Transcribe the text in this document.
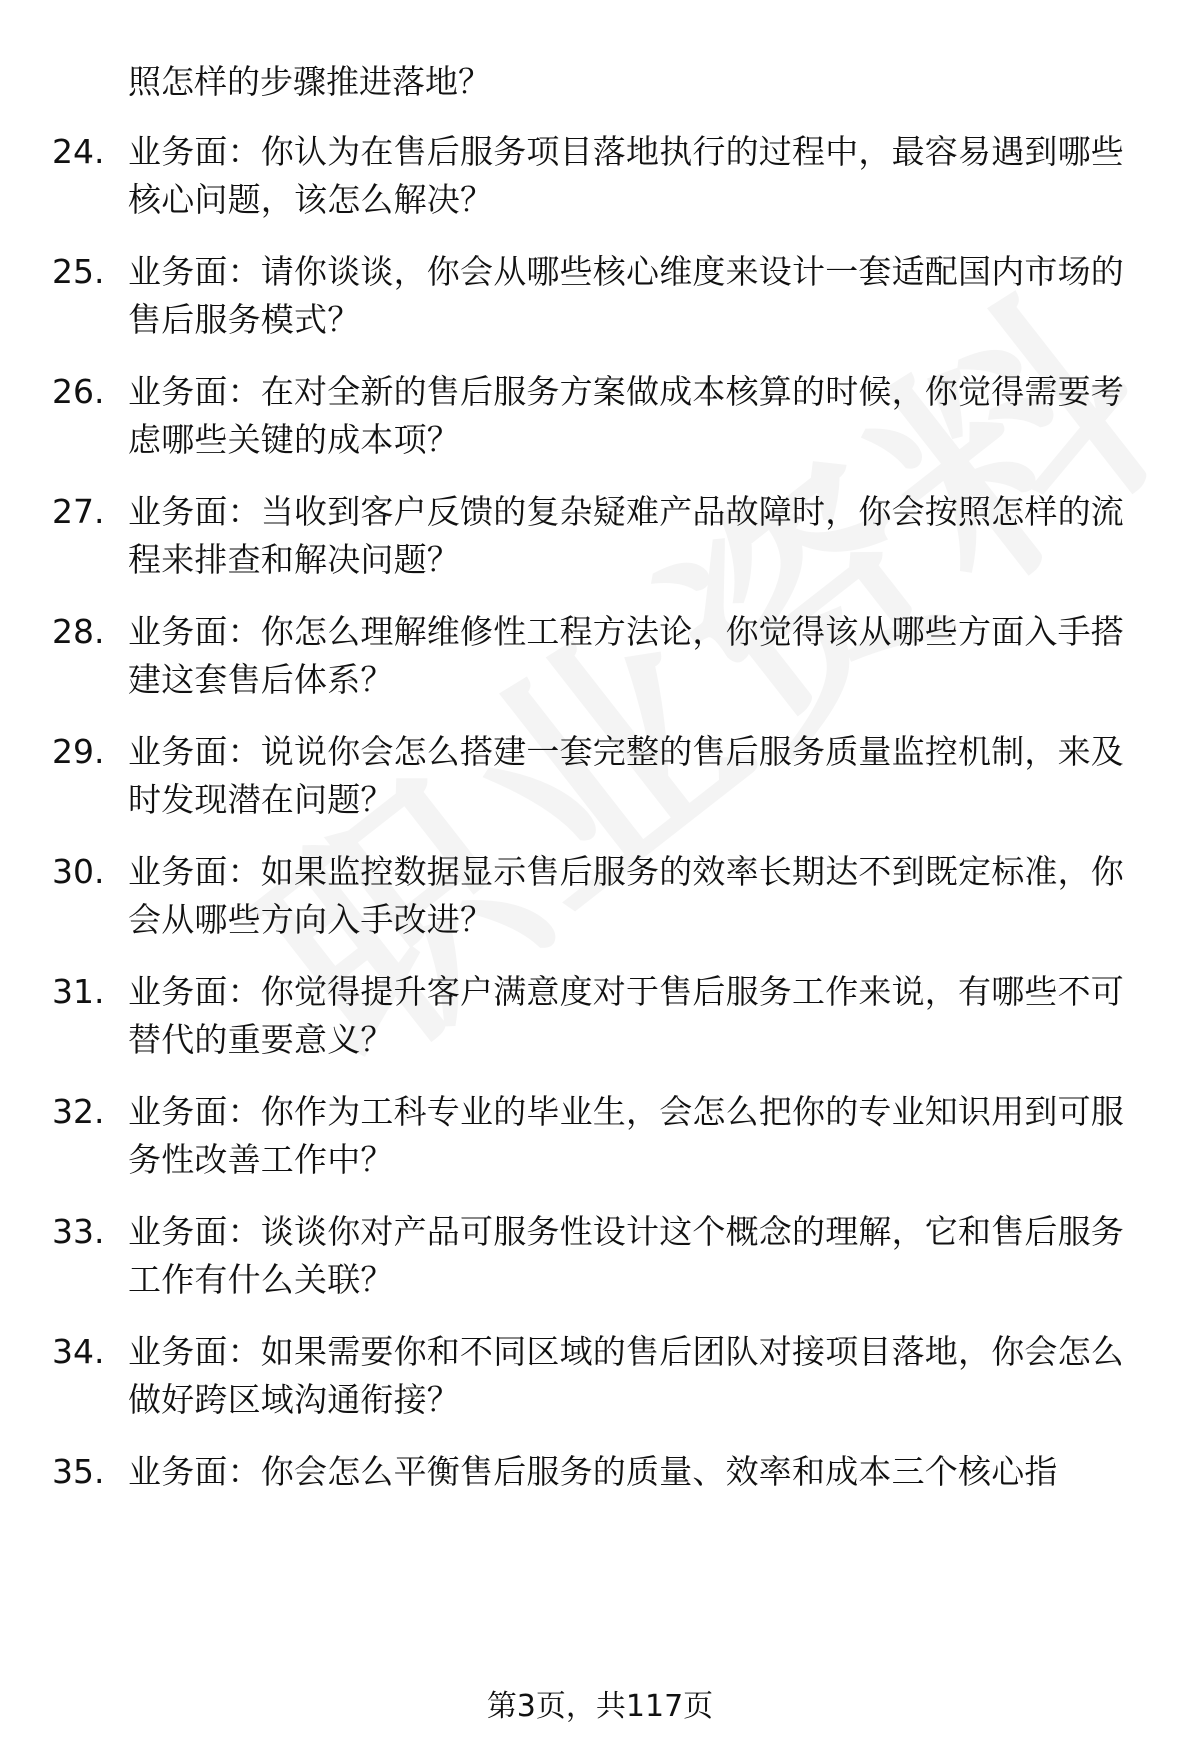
照怎样的步骤推进落地？
24. 业务面：你认为在售后服务项目落地执行的过程中，最容易遇到哪些核心问题，该怎么解决？
25. 业务面：请你谈谈，你会从哪些核心维度来设计一套适配国内市场的售后服务模式？
26. 业务面：在对全新的售后服务方案做成本核算的时候，你觉得需要考虑哪些关键的成本项？
27. 业务面：当收到客户反馈的复杂疑难产品故障时，你会按照怎样的流程来排查和解决问题？
28. 业务面：你怎么理解维修性工程方法论，你觉得该从哪些方面入手搭建这套售后体系？
29. 业务面：说说你会怎么搭建一套完整的售后服务质量监控机制，来及时发现潜在问题？
30. 业务面：如果监控数据显示售后服务的效率长期达不到既定标准，你会从哪些方向入手改进？
31. 业务面：你觉得提升客户满意度对于售后服务工作来说，有哪些不可替代的重要意义？
32. 业务面：你作为工科专业的毕业生，会怎么把你的专业知识用到可服务性改善工作中？
33. 业务面：谈谈你对产品可服务性设计这个概念的理解，它和售后服务工作有什么关联？
34. 业务面：如果需要你和不同区域的售后团队对接项目落地，你会怎么做好跨区域沟通衔接？
35. 业务面：你会怎么平衡售后服务的质量、效率和成本三个核心指
第3页，共117页
